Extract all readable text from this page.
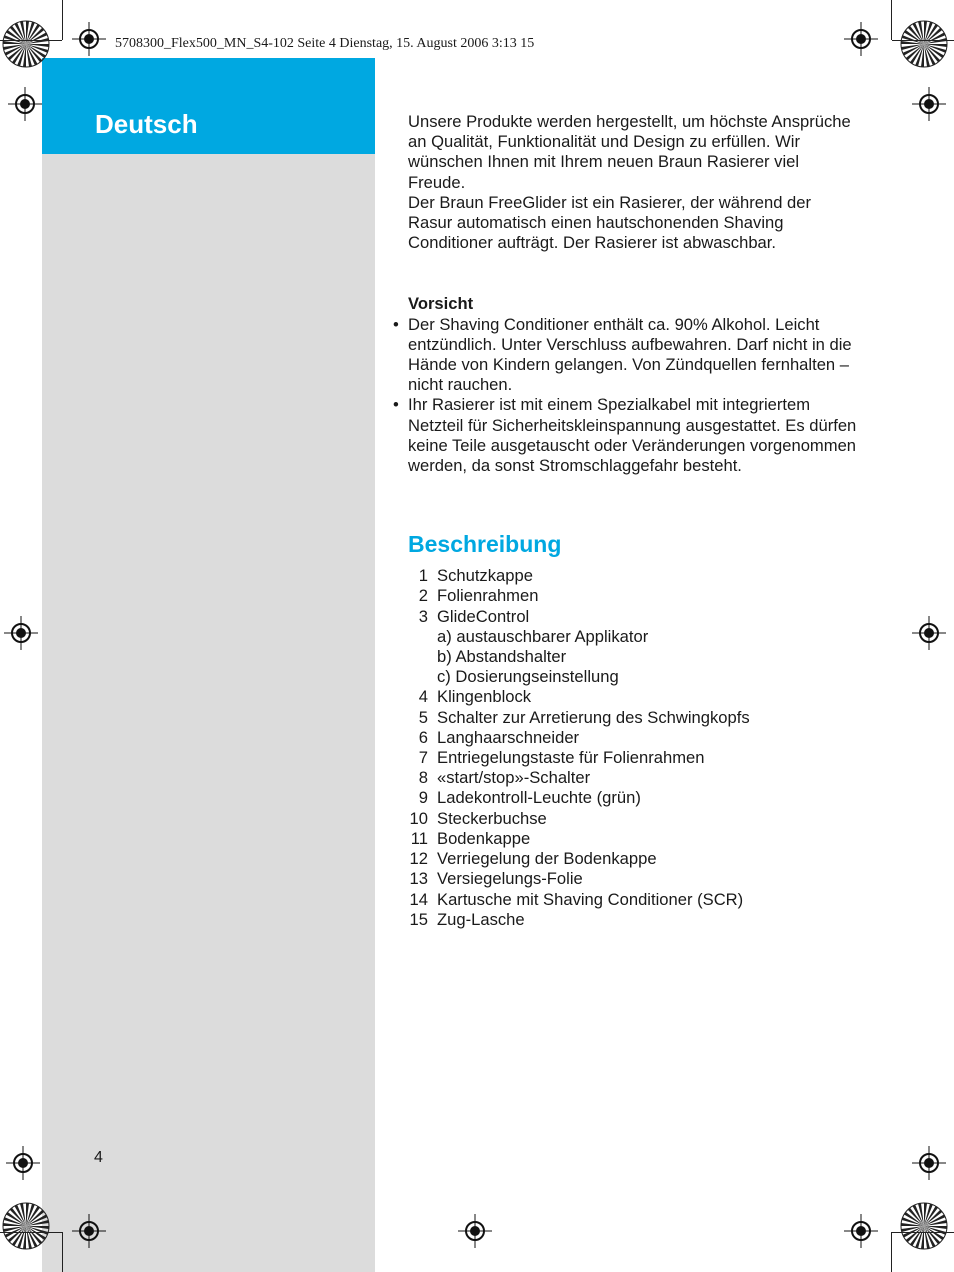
Deutsch
5708300_Flex500_MN_S4-102 Seite 4 Dienstag, 15. August 2006 3:13 15
4

Unsere Produkte werden hergestellt, um höchste Ansprüche an Qualität, Funktionalität und Design zu erfüllen. Wir wünschen Ihnen mit Ihrem neuen Braun Rasierer viel Freude.

Der Braun FreeGlider ist ein Rasierer, der während der Rasur automatisch einen hautschonenden Shaving Conditioner aufträgt. Der Rasierer ist abwaschbar.

Vorsicht

• Der Shaving Conditioner enthält ca. 90% Alkohol. Leicht entzündlich. Unter Verschluss aufbewahren. Darf nicht in die Hände von Kindern gelangen. Von Zündquellen fernhalten – nicht rauchen.
• Ihr Rasierer ist mit einem Spezialkabel mit integriertem Netzteil für Sicherheitskleinspannung ausgestattet. Es dürfen keine Teile ausgetauscht oder Veränderungen vorgenommen werden, da sonst Stromschlaggefahr besteht.
Beschreibung
1 Schutzkappe
2 Folienrahmen
3 GlideControl
a) austauschbarer Applikator
b) Abstandshalter
c) Dosierungseinstellung
4 Klingenblock
5 Schalter zur Arretierung des Schwingkopfs
6 Langhaarschneider
7 Entriegelungstaste für Folienrahmen
8 «start/stop»-Schalter
9 Ladekontroll-Leuchte (grün)
10 Steckerbuchse
11 Bodenkappe
12 Verriegelung der Bodenkappe
13 Versiegelungs-Folie
14 Kartusche mit Shaving Conditioner (SCR)
15 Zug-Lasche
